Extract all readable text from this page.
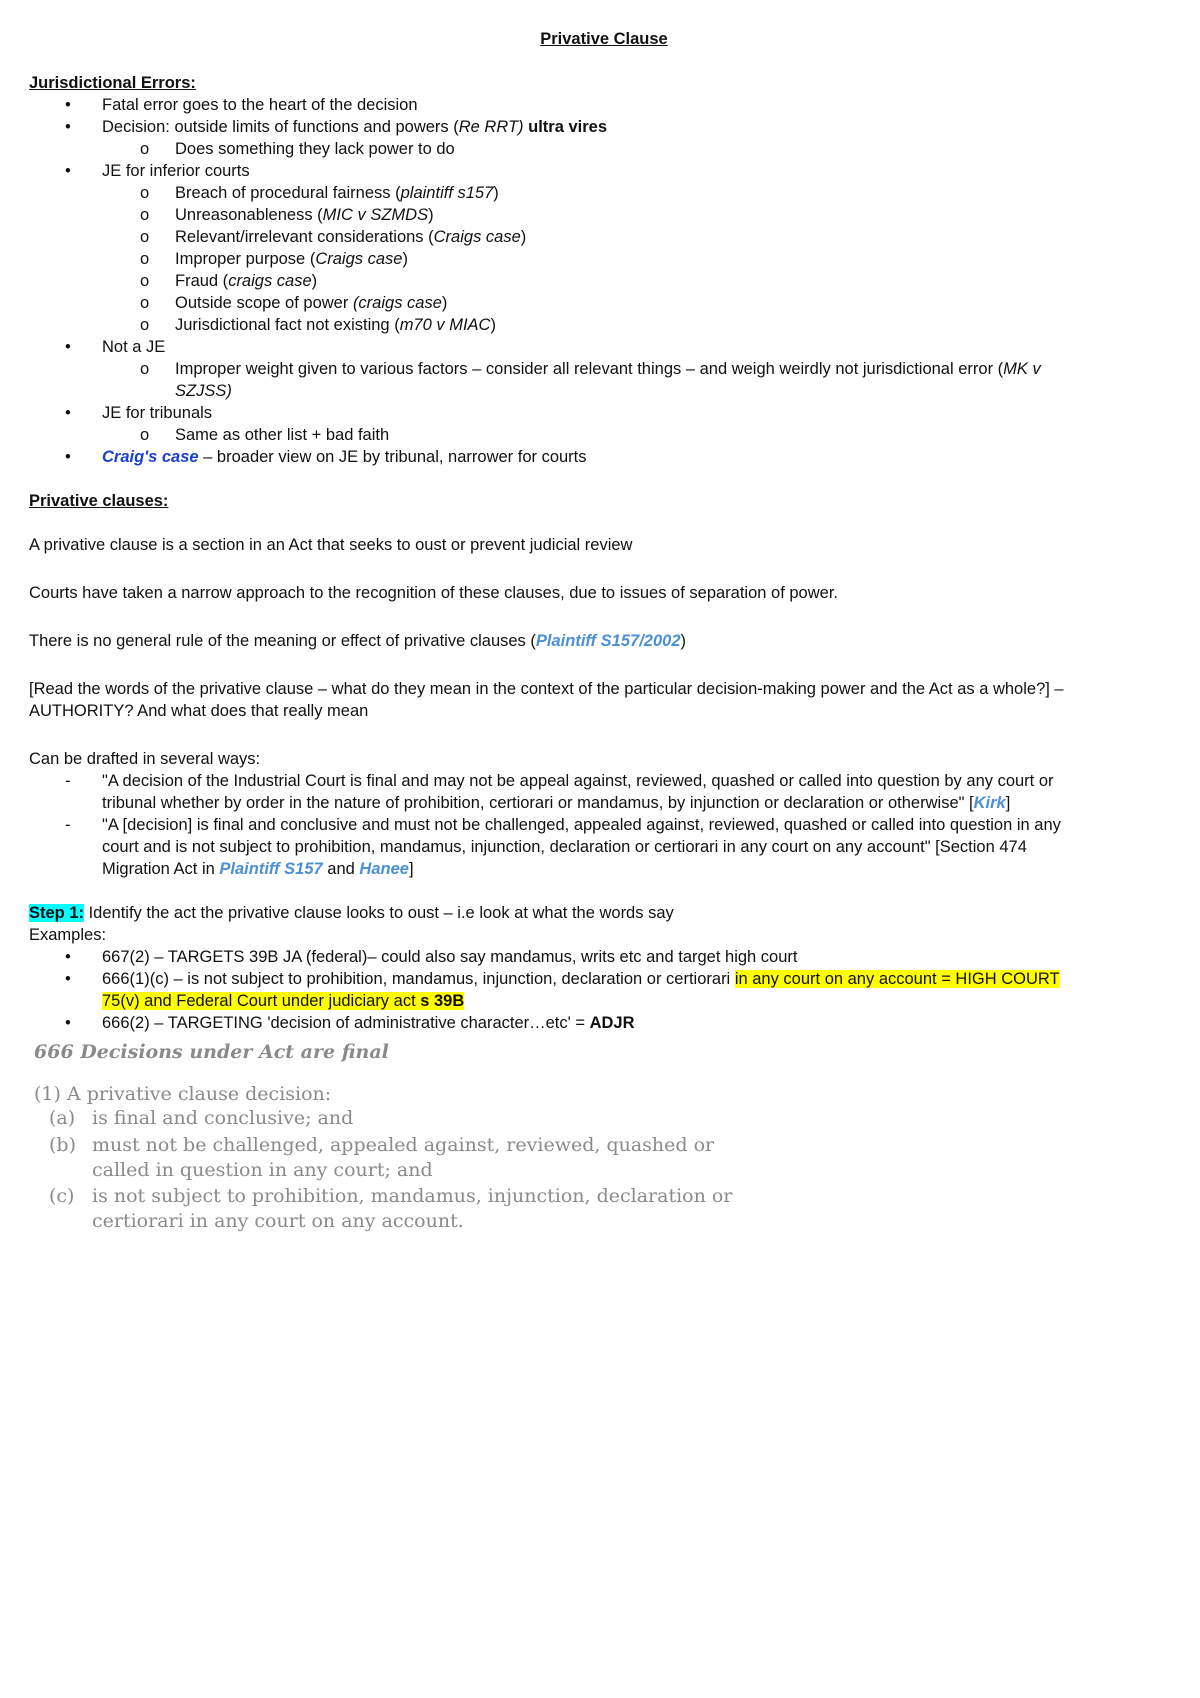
Privative Clause
Jurisdictional Errors:
• Fatal error goes to the heart of the decision
• Decision: outside limits of functions and powers (Re RRT) ultra vires
o Does something they lack power to do
• JE for inferior courts
o Breach of procedural fairness (plaintiff s157)
o Unreasonableness (MIC v SZMDS)
o Relevant/irrelevant considerations (Craigs case)
o Improper purpose (Craigs case)
o Fraud (craigs case)
o Outside scope of power (craigs case)
o Jurisdictional fact not existing (m70 v MIAC)
• Not a JE
o Improper weight given to various factors – consider all relevant things – and weigh weirdly not jurisdictional error (MK v
SZJSS)
• JE for tribunals
o Same as other list + bad faith
• Craig's case – broader view on JE by tribunal, narrower for courts
Privative clauses:
A privative clause is a section in an Act that seeks to oust or prevent judicial review
Courts have taken a narrow approach to the recognition of these clauses, due to issues of separation of power.
There is no general rule of the meaning or effect of privative clauses (Plaintiff S157/2002)
[Read the words of the privative clause – what do they mean in the context of the particular decision-making power and the Act as a whole?] –
AUTHORITY? And what does that really mean
Can be drafted in several ways:
- "A decision of the Industrial Court is final and may not be appeal against, reviewed, quashed or called into question by any court or
tribunal whether by order in the nature of prohibition, certiorari or mandamus, by injunction or declaration or otherwise" [Kirk]
- "A [decision] is final and conclusive and must not be challenged, appealed against, reviewed, quashed or called into question in any
court and is not subject to prohibition, mandamus, injunction, declaration or certiorari in any court on any account" [Section 474
Migration Act in Plaintiff S157 and Hanee]
Step 1: Identify the act the privative clause looks to oust – i.e look at what the words say
Examples:
• 667(2) – TARGETS 39B JA (federal)– could also say mandamus, writs etc and target high court
• 666(1)(c) – is not subject to prohibition, mandamus, injunction, declaration or certiorari in any court on any account = HIGH COURT
75(v) and Federal Court under judiciary act s 39B
• 666(2) – TARGETING 'decision of administrative character…etc' = ADJR
666 Decisions under Act are final
(1) A privative clause decision:
(a) is final and conclusive; and
(b) must not be challenged, appealed against, reviewed, quashed or
called in question in any court; and
(c) is not subject to prohibition, mandamus, injunction, declaration or
certiorari in any court on any account.
